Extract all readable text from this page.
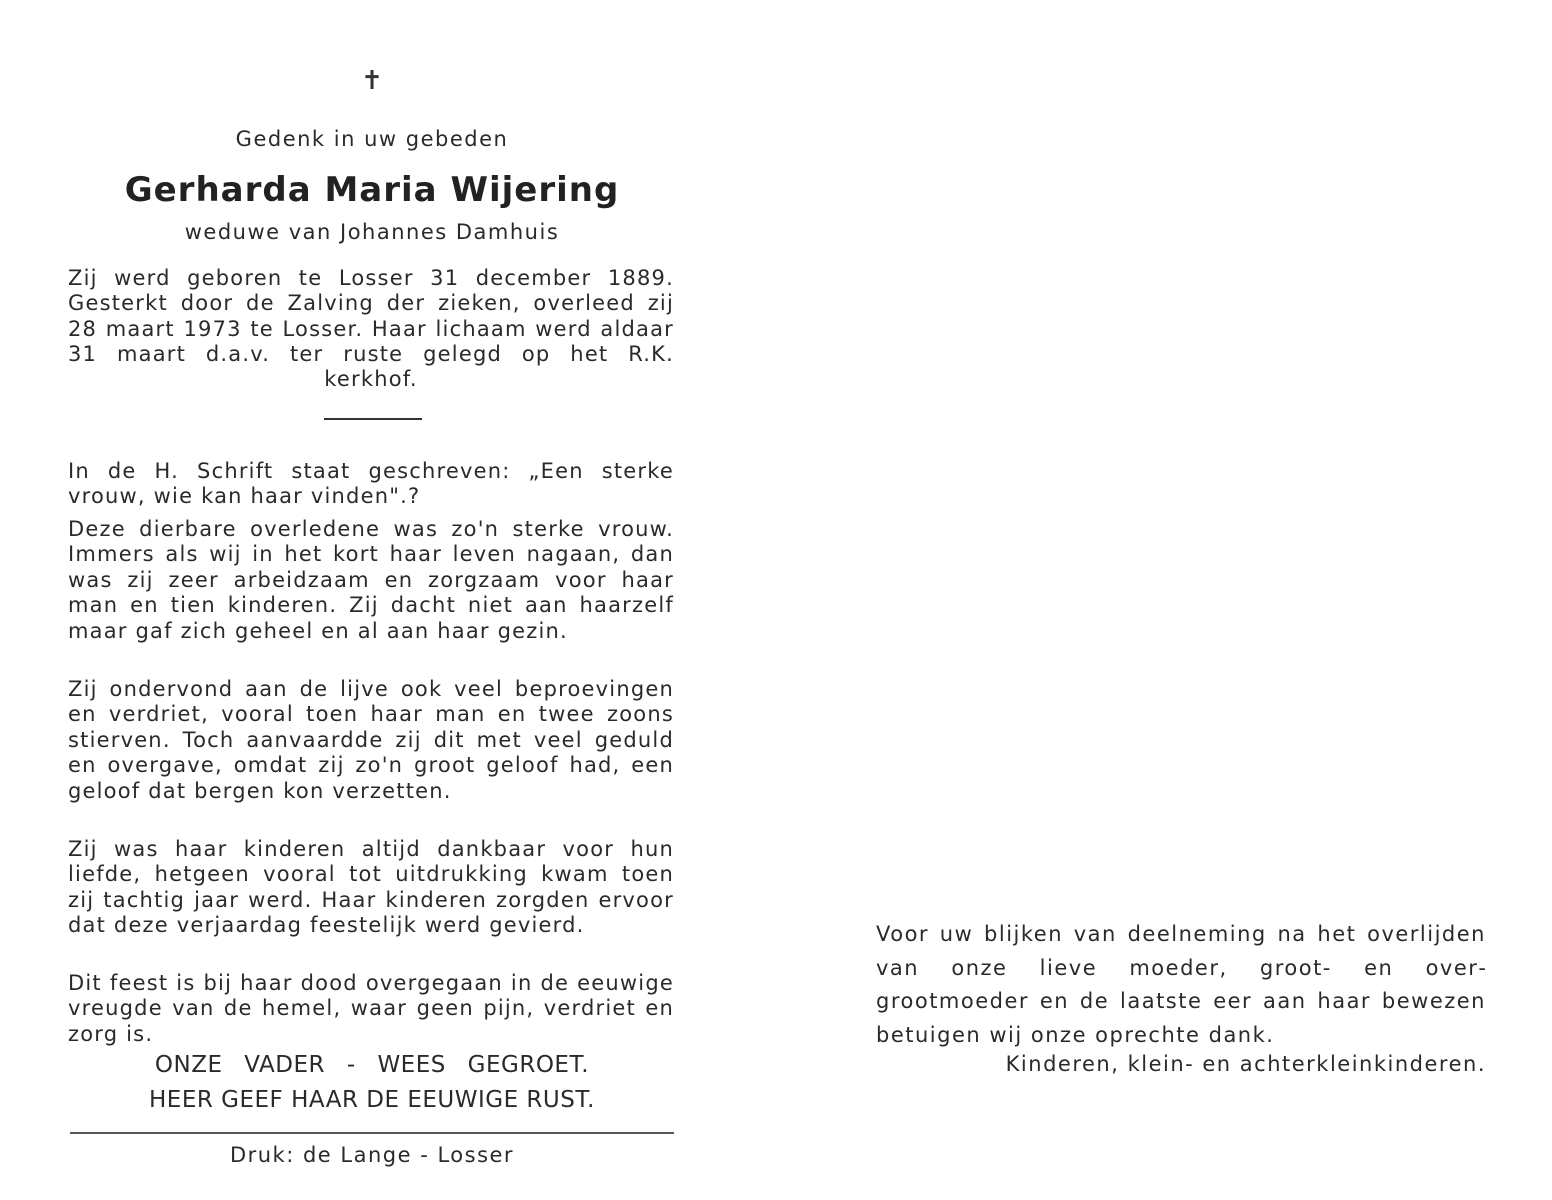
✝
Gedenk in uw gebeden
Gerharda Maria Wijering
weduwe van Johannes Damhuis
Zij werd geboren te Losser 31 december 1889. Gesterkt door de Zalving der zieken, overleed zij 28 maart 1973 te Losser. Haar lichaam werd aldaar 31 maart d.a.v. ter ruste gelegd op het R.K. kerkhof.
In de H. Schrift staat geschreven: „Een sterke vrouw, wie kan haar vinden".?
Deze dierbare overledene was zo'n sterke vrouw. Immers als wij in het kort haar leven nagaan, dan was zij zeer arbeidzaam en zorgzaam voor haar man en tien kinderen. Zij dacht niet aan haarzelf maar gaf zich geheel en al aan haar gezin.
Zij ondervond aan de lijve ook veel beproevingen en verdriet, vooral toen haar man en twee zoons stierven. Toch aanvaardde zij dit met veel geduld en overgave, omdat zij zo'n groot geloof had, een geloof dat bergen kon verzetten.
Zij was haar kinderen altijd dankbaar voor hun liefde, hetgeen vooral tot uitdrukking kwam toen zij tachtig jaar werd. Haar kinderen zorgden ervoor dat deze verjaardag feestelijk werd gevierd.
Dit feest is bij haar dood overgegaan in de eeuwige vreugde van de hemel, waar geen pijn, verdriet en zorg is.
ONZE VADER - WEES GEGROET.
HEER GEEF HAAR DE EEUWIGE RUST.
Druk: de Lange - Losser
Voor uw blijken van deelneming na het overlijden van onze lieve moeder, groot- en overgrootmoeder en de laatste eer aan haar bewezen betuigen wij onze oprechte dank.
Kinderen, klein- en achterkleinkinderen.
